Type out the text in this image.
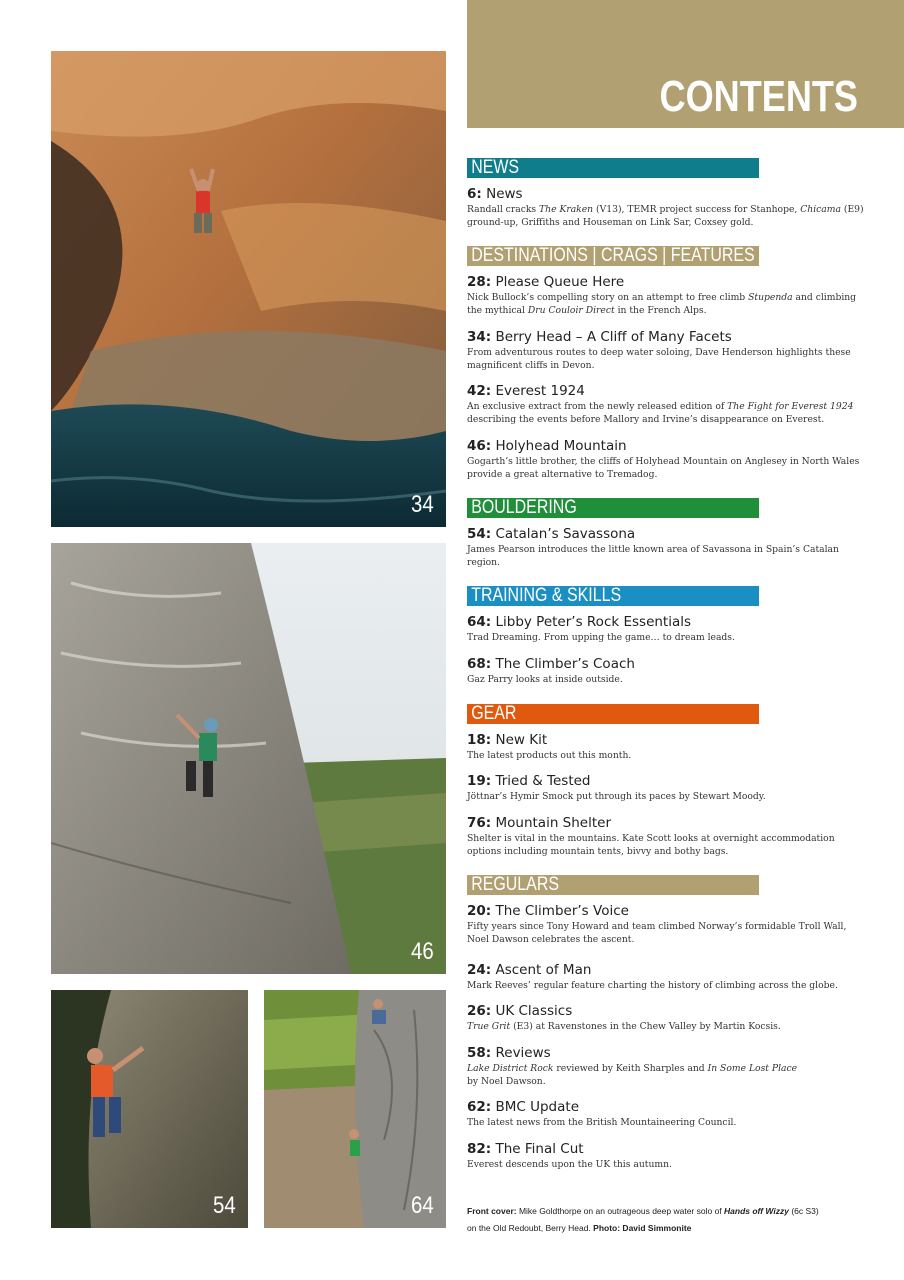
34
46
54	64
CONTENTS
NEWS
6: News

Randall cracks The Kraken (V13), TEMR project success for Stanhope, Chicama (E9) ground-up, Griffiths and Houseman on Link Sar, Coxsey gold.

DESTINATIONS | CRAGS | FEATURES
28: Please Queue Here

Nick Bullock’s compelling story on an attempt to free climb Stupenda and climbing the mythical Dru Couloir Direct in the French Alps.

34: Berry Head – A Cliff of Many Facets

From adventurous routes to deep water soloing, Dave Henderson highlights these magnificent cliffs in Devon.

42: Everest 1924

An exclusive extract from the newly released edition of The Fight for Everest 1924 describing the events before Mallory and Irvine’s disappearance on Everest.

46: Holyhead Mountain

Gogarth’s little brother, the cliffs of Holyhead Mountain on Anglesey in North Wales provide a great alternative to Tremadog.

BOULDERING
54: Catalan’s Savassona

James Pearson introduces the little known area of Savassona in Spain’s Catalan region.

TRAINING & SKILLS
64: Libby Peter’s Rock Essentials

Trad Dreaming. From upping the game… to dream leads.

68: The Climber’s Coach

Gaz Parry looks at inside outside.

GEAR
18: New Kit

The latest products out this month.

19: Tried & Tested

Jöttnar’s Hymir Smock put through its paces by Stewart Moody.

76: Mountain Shelter

Shelter is vital in the mountains. Kate Scott looks at overnight accommodation options including mountain tents, bivvy and bothy bags.

REGULARS
20: The Climber’s Voice

Fifty years since Tony Howard and team climbed Norway’s formidable Troll Wall, Noel Dawson celebrates the ascent.

24: Ascent of Man

Mark Reeves’ regular feature charting the history of climbing across the globe.

26: UK Classics

True Grit (E3) at Ravenstones in the Chew Valley by Martin Kocsis.

58: Reviews

Lake District Rock reviewed by Keith Sharples and In Some Lost Place
by Noel Dawson.

62: BMC Update

The latest news from the British Mountaineering Council.

82: The Final Cut

Everest descends upon the UK this autumn.

Front cover: Mike Goldthorpe on an outrageous deep water solo of Hands off Wizzy (6c S3)
on the Old Redoubt, Berry Head. Photo: David Simmonite
